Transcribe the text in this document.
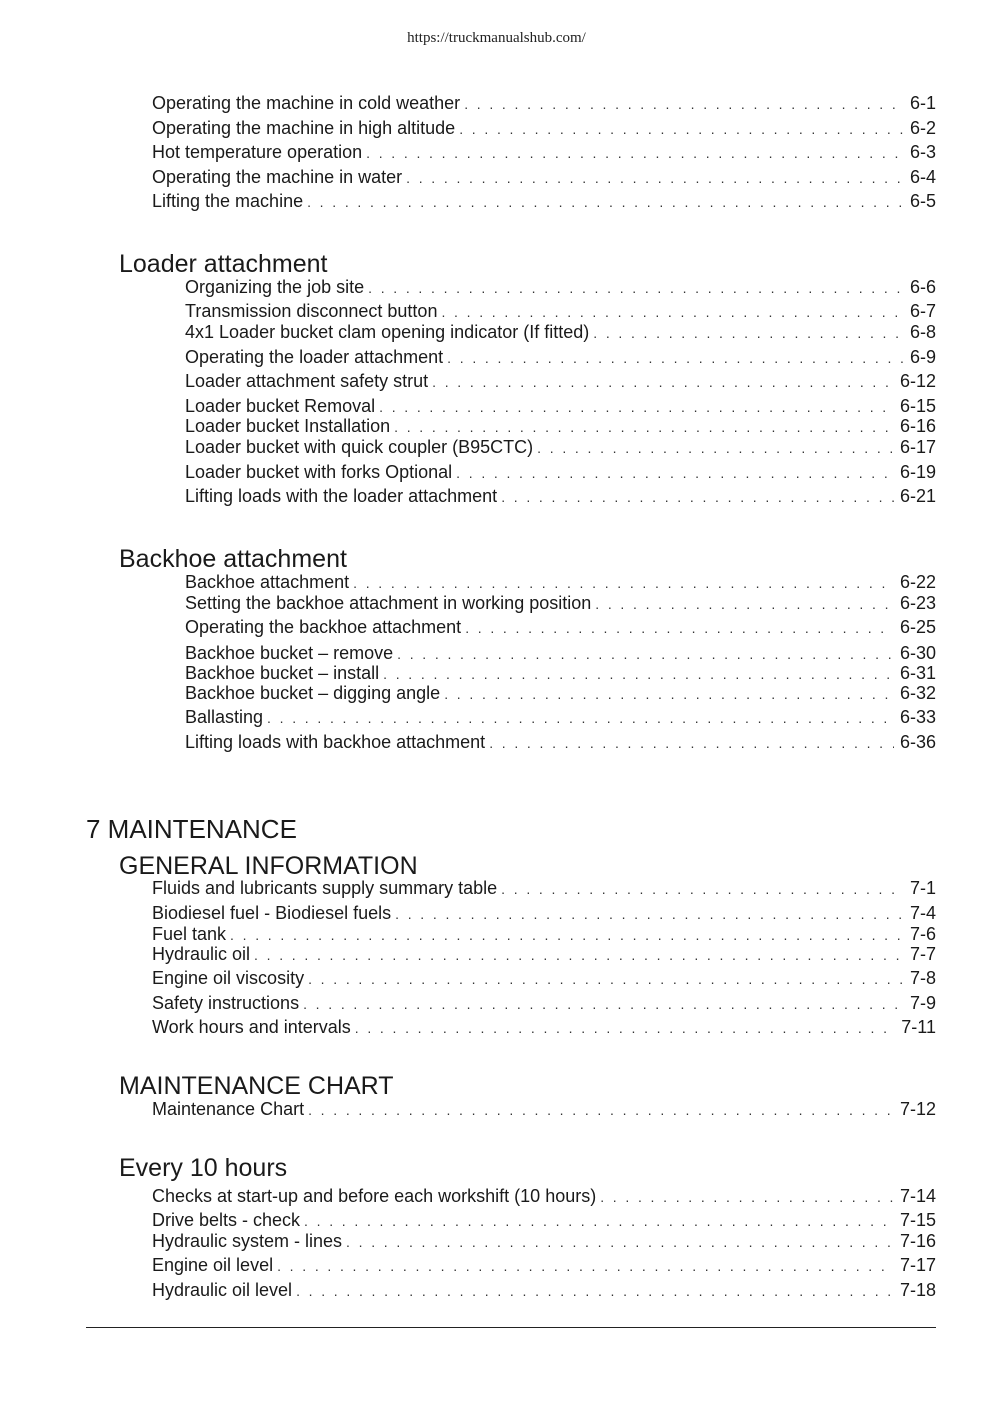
https://truckmanualshub.com/
Operating the machine in cold weather . . .	6-1
Operating the machine in high altitude . . .	6-2
Hot temperature operation . . .	6-3
Operating the machine in water . . .	6-4
Lifting the machine . . .	6-5
Loader attachment
Organizing the job site . . .	6-6
Transmission disconnect button . . .	6-7
4x1 Loader bucket clam opening indicator (If fitted) . . .	6-8
Operating the loader attachment . . .	6-9
Loader attachment safety strut . . .	6-12
Loader bucket Removal . . .	6-15
Loader bucket Installation . . .	6-16
Loader bucket with quick coupler (B95CTC) . . .	6-17
Loader bucket with forks Optional . . .	6-19
Lifting loads with the loader attachment . . .	6-21
Backhoe attachment
Backhoe attachment . . .	6-22
Setting the backhoe attachment in working position . . .	6-23
Operating the backhoe attachment . . .	6-25
Backhoe bucket – remove . . .	6-30
Backhoe bucket – install . . .	6-31
Backhoe bucket – digging angle . . .	6-32
Ballasting . . .	6-33
Lifting loads with backhoe attachment . . .	6-36
7 MAINTENANCE
GENERAL INFORMATION
Fluids and lubricants supply summary table . . .	7-1
Biodiesel fuel - Biodiesel fuels . . .	7-4
Fuel tank . . .	7-6
Hydraulic oil . . .	7-7
Engine oil viscosity . . .	7-8
Safety instructions . . .	7-9
Work hours and intervals . . .	7-11
MAINTENANCE CHART
Maintenance Chart . . .	7-12
Every 10 hours
Checks at start-up and before each workshift (10 hours) . . .	7-14
Drive belts - check . . .	7-15
Hydraulic system - lines . . .	7-16
Engine oil level . . .	7-17
Hydraulic oil level . . .	7-18
